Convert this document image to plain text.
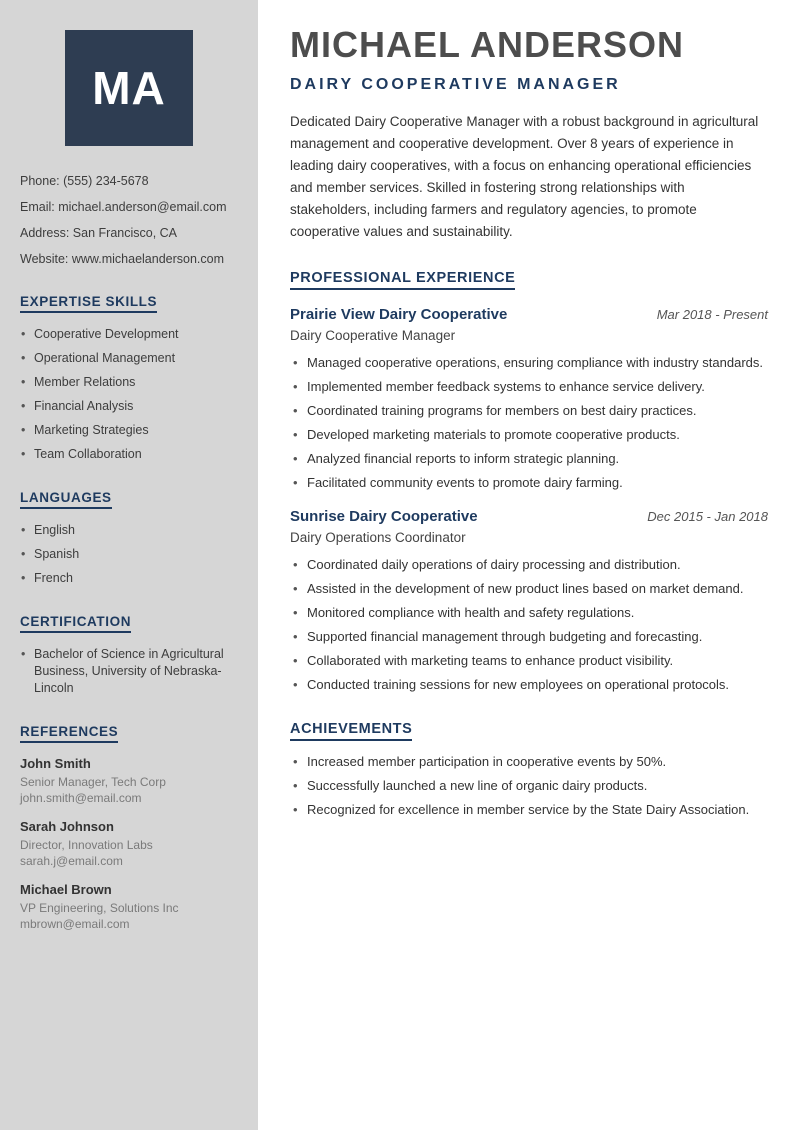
MA

Phone: (555) 234-5678

Email: michael.anderson@email.com

Address: San Francisco, CA

Website: www.michaelanderson.com

EXPERTISE SKILLS
• Cooperative Development
• Operational Management
• Member Relations
• Financial Analysis
• Marketing Strategies
• Team Collaboration
LANGUAGES
• English
• Spanish
• French
CERTIFICATION
• Bachelor of Science in Agricultural Business, University of Nebraska-Lincoln
REFERENCES

John Smith

Senior Manager, Tech Corp

john.smith@email.com

Sarah Johnson

Director, Innovation Labs

sarah.j@email.com

Michael Brown

VP Engineering, Solutions Inc

mbrown@email.com

MICHAEL ANDERSON
DAIRY COOPERATIVE MANAGER

Dedicated Dairy Cooperative Manager with a robust background in agricultural management and cooperative development. Over 8 years of experience in leading dairy cooperatives, with a focus on enhancing operational efficiencies and member services. Skilled in fostering strong relationships with stakeholders, including farmers and regulatory agencies, to promote cooperative values and sustainability.

PROFESSIONAL EXPERIENCE
Prairie View Dairy Cooperative	Mar 2018 - Present

Dairy Cooperative Manager

• Managed cooperative operations, ensuring compliance with industry standards.
• Implemented member feedback systems to enhance service delivery.
• Coordinated training programs for members on best dairy practices.
• Developed marketing materials to promote cooperative products.
• Analyzed financial reports to inform strategic planning.
• Facilitated community events to promote dairy farming.
Sunrise Dairy Cooperative	Dec 2015 - Jan 2018

Dairy Operations Coordinator

• Coordinated daily operations of dairy processing and distribution.
• Assisted in the development of new product lines based on market demand.
• Monitored compliance with health and safety regulations.
• Supported financial management through budgeting and forecasting.
• Collaborated with marketing teams to enhance product visibility.
• Conducted training sessions for new employees on operational protocols.
ACHIEVEMENTS
• Increased member participation in cooperative events by 50%.
• Successfully launched a new line of organic dairy products.
• Recognized for excellence in member service by the State Dairy Association.
